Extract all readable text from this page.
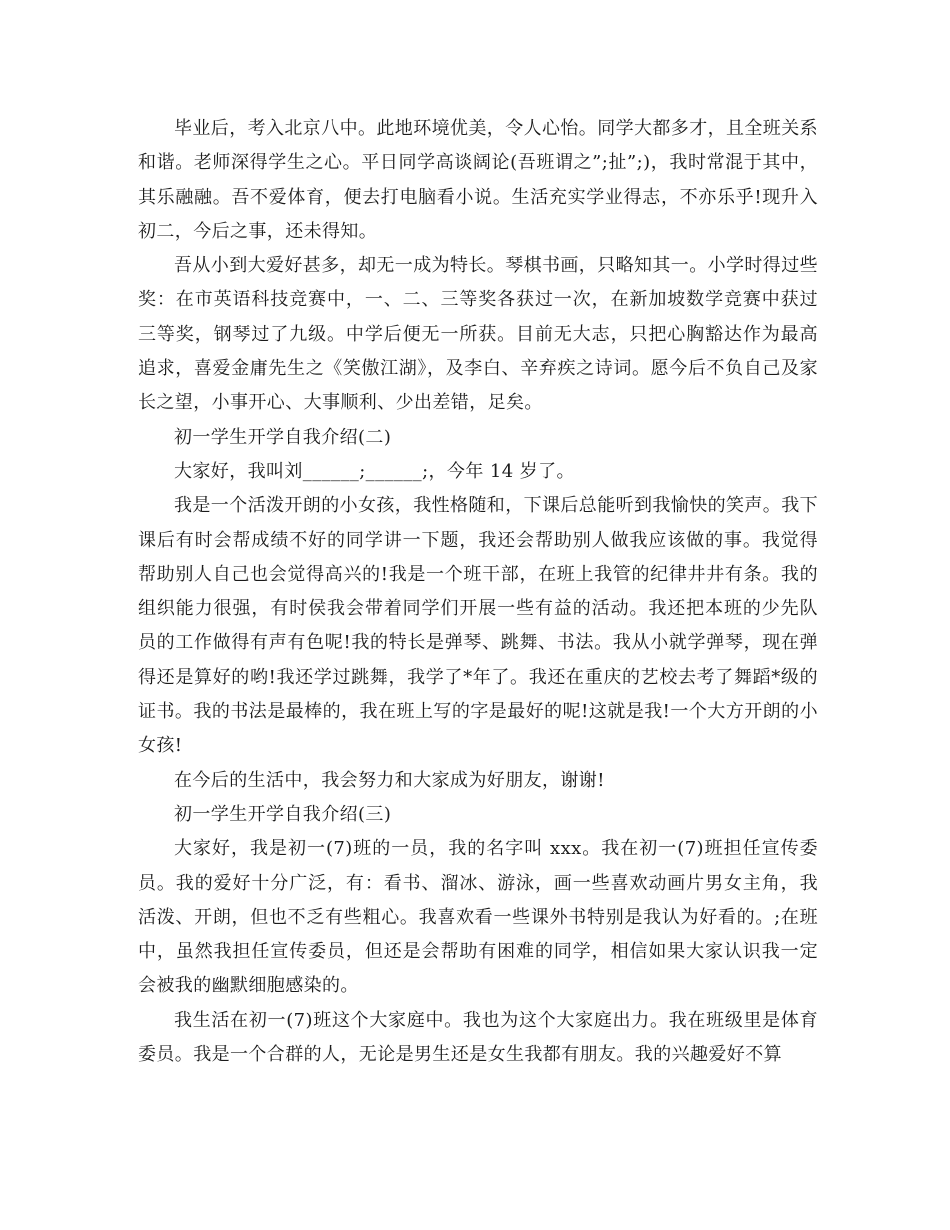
毕业后，考入北京八中。此地环境优美，令人心怡。同学大都多才，且全班关系和谐。老师深得学生之心。平日同学高谈阔论(吾班谓之”;扯”;)，我时常混于其中，其乐融融。吾不爱体育，便去打电脑看小说。生活充实学业得志，不亦乐乎!现升入初二，今后之事，还未得知。

吾从小到大爱好甚多，却无一成为特长。琴棋书画，只略知其一。小学时得过些奖：在市英语科技竞赛中，一、二、三等奖各获过一次，在新加坡数学竞赛中获过三等奖，钢琴过了九级。中学后便无一所获。目前无大志，只把心胸豁达作为最高追求，喜爱金庸先生之《笑傲江湖》，及李白、辛弃疾之诗词。愿今后不负自己及家长之望，小事开心、大事顺利、少出差错，足矣。

初一学生开学自我介绍(二)

大家好，我叫刘______;______;，今年 14 岁了。

我是一个活泼开朗的小女孩，我性格随和，下课后总能听到我愉快的笑声。我下课后有时会帮成绩不好的同学讲一下题，我还会帮助别人做我应该做的事。我觉得帮助别人自己也会觉得高兴的!我是一个班干部，在班上我管的纪律井井有条。我的组织能力很强，有时侯我会带着同学们开展一些有益的活动。我还把本班的少先队员的工作做得有声有色呢!我的特长是弹琴、跳舞、书法。我从小就学弹琴，现在弹得还是算好的哟!我还学过跳舞，我学了*年了。我还在重庆的艺校去考了舞蹈*级的证书。我的书法是最棒的，我在班上写的字是最好的呢!这就是我!一个大方开朗的小女孩!

在今后的生活中，我会努力和大家成为好朋友，谢谢!

初一学生开学自我介绍(三)

大家好，我是初一(7)班的一员，我的名字叫 xxx。我在初一(7)班担任宣传委员。我的爱好十分广泛，有：看书、溜冰、游泳，画一些喜欢动画片男女主角，我活泼、开朗，但也不乏有些粗心。我喜欢看一些课外书特别是我认为好看的。;在班中，虽然我担任宣传委员，但还是会帮助有困难的同学，相信如果大家认识我一定会被我的幽默细胞感染的。

我生活在初一(7)班这个大家庭中。我也为这个大家庭出力。我在班级里是体育委员。我是一个合群的人，无论是男生还是女生我都有朋友。我的兴趣爱好不算
